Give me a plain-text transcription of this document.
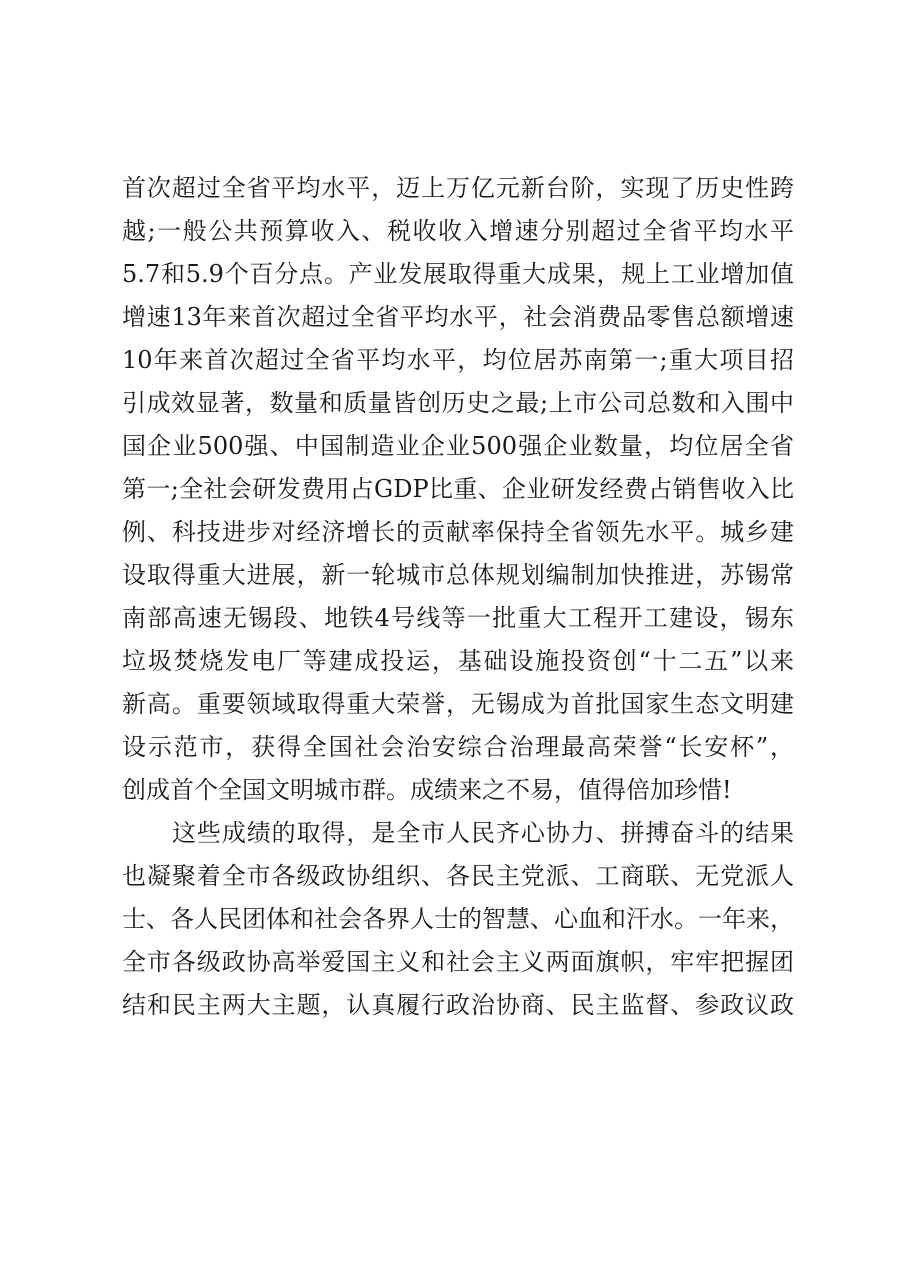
首次超过全省平均水平，迈上万亿元新台阶，实现了历史性跨
越;一般公共预算收入、税收收入增速分别超过全省平均水平
5.7和5.9个百分点。产业发展取得重大成果，规上工业增加值
增速13年来首次超过全省平均水平，社会消费品零售总额增速
10年来首次超过全省平均水平，均位居苏南第一;重大项目招
引成效显著，数量和质量皆创历史之最;上市公司总数和入围中
国企业500强、中国制造业企业500强企业数量，均位居全省
第一;全社会研发费用占GDP比重、企业研发经费占销售收入比
例、科技进步对经济增长的贡献率保持全省领先水平。城乡建
设取得重大进展，新一轮城市总体规划编制加快推进，苏锡常
南部高速无锡段、地铁4号线等一批重大工程开工建设，锡东
垃圾焚烧发电厂等建成投运，基础设施投资创“十二五”以来
新高。重要领域取得重大荣誉，无锡成为首批国家生态文明建
设示范市，获得全国社会治安综合治理最高荣誉“长安杯”，
创成首个全国文明城市群。成绩来之不易，值得倍加珍惜!
这些成绩的取得，是全市人民齐心协力、拼搏奋斗的结果
也凝聚着全市各级政协组织、各民主党派、工商联、无党派人
士、各人民团体和社会各界人士的智慧、心血和汗水。一年来，
全市各级政协高举爱国主义和社会主义两面旗帜，牢牢把握团
结和民主两大主题，认真履行政治协商、民主监督、参政议政
